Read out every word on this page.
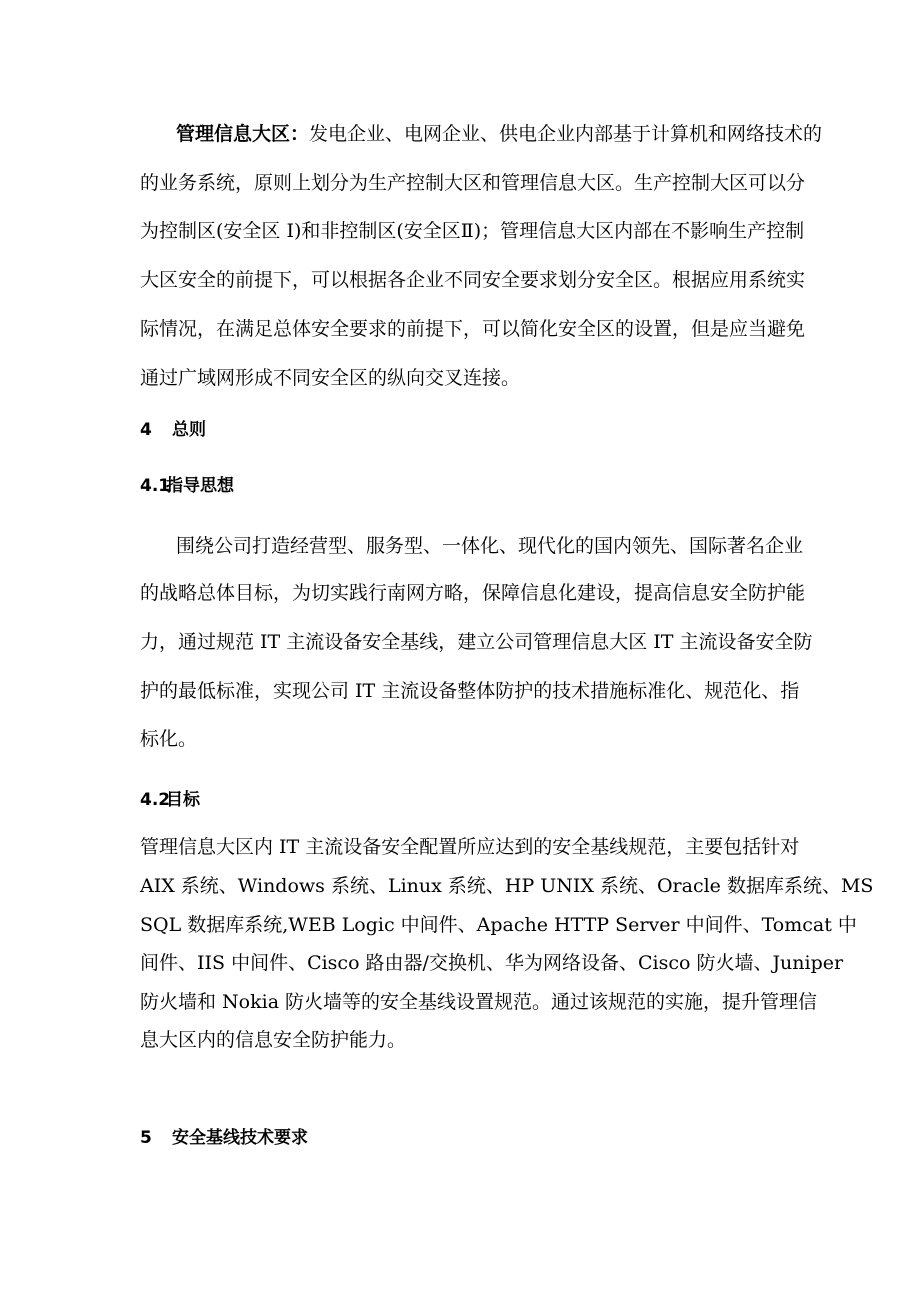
管理信息大区：发电企业、电网企业、供电企业内部基于计算机和网络技术的
的业务系统，原则上划分为生产控制大区和管理信息大区。生产控制大区可以分
为控制区(安全区 I)和非控制区(安全区Ⅱ)；管理信息大区内部在不影响生产控制
大区安全的前提下，可以根据各企业不同安全要求划分安全区。根据应用系统实
际情况，在满足总体安全要求的前提下，可以简化安全区的设置，但是应当避免
通过广域网形成不同安全区的纵向交叉连接。
4 总则
4.1指导思想
围绕公司打造经营型、服务型、一体化、现代化的国内领先、国际著名企业
的战略总体目标，为切实践行南网方略，保障信息化建设，提高信息安全防护能
力，通过规范 IT 主流设备安全基线，建立公司管理信息大区 IT 主流设备安全防
护的最低标准，实现公司 IT 主流设备整体防护的技术措施标准化、规范化、指
标化。
4.2目标
管理信息大区内 IT 主流设备安全配置所应达到的安全基线规范，主要包括针对
AIX 系统、Windows 系统、Linux 系统、HP UNIX 系统、Oracle 数据库系统、MS
SQL 数据库系统,WEB Logic 中间件、Apache HTTP Server 中间件、Tomcat 中
间件、IIS 中间件、Cisco 路由器/交换机、华为网络设备、Cisco 防火墙、Juniper
防火墙和 Nokia 防火墙等的安全基线设置规范。通过该规范的实施，提升管理信
息大区内的信息安全防护能力。
5 安全基线技术要求
